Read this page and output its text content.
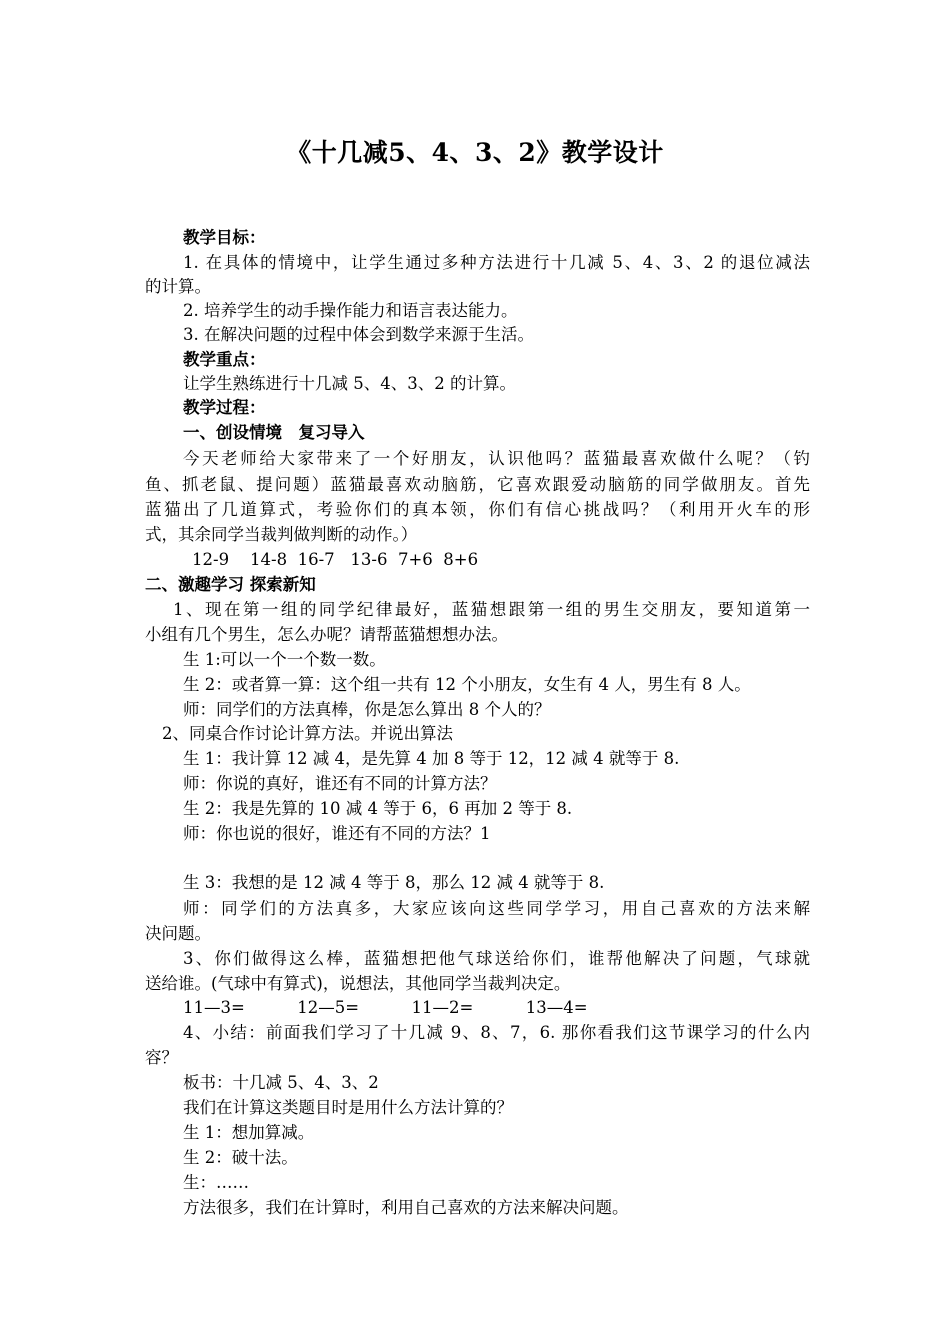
《十几减5、4、3、2》教学设计
教学目标：
1. 在具体的情境中，让学生通过多种方法进行十几减 5、4、3、2 的退位减法
的计算。
2. 培养学生的动手操作能力和语言表达能力。
3. 在解决问题的过程中体会到数学来源于生活。
教学重点：
让学生熟练进行十几减 5、4、3、2 的计算。
教学过程：
一、创设情境　复习导入
今天老师给大家带来了一个好朋友，认识他吗？蓝猫最喜欢做什么呢？（钓
鱼、抓老鼠、提问题）蓝猫最喜欢动脑筋，它喜欢跟爱动脑筋的同学做朋友。首先
蓝猫出了几道算式，考验你们的真本领，你们有信心挑战吗？（利用开火车的形
式，其余同学当裁判做判断的动作。）
12-9    14-8  16-7   13-6  7+6  8+6
二、激趣学习 探索新知
1、现在第一组的同学纪律最好，蓝猫想跟第一组的男生交朋友，要知道第一
小组有几个男生，怎么办呢？请帮蓝猫想想办法。
生 1:可以一个一个数一数。
生 2：或者算一算：这个组一共有 12 个小朋友，女生有 4 人，男生有 8 人。
师：同学们的方法真棒，你是怎么算出 8 个人的？
2、同桌合作讨论计算方法。并说出算法
生 1：我计算 12 减 4，是先算 4 加 8 等于 12，12 减 4 就等于 8.
师：你说的真好，谁还有不同的计算方法？
生 2：我是先算的 10 减 4 等于 6，6 再加 2 等于 8.
师：你也说的很好，谁还有不同的方法？1
生 3：我想的是 12 减 4 等于 8，那么 12 减 4 就等于 8.
师：同学们的方法真多，大家应该向这些同学学习，用自己喜欢的方法来解
决问题。
3、你们做得这么棒，蓝猫想把他气球送给你们，谁帮他解决了问题，气球就
送给谁。(气球中有算式)，说想法，其他同学当裁判决定。
11—3=          12—5=          11—2=          13—4=
4、小结：前面我们学习了十几减 9、8、7，6. 那你看我们这节课学习的什么内
容？
板书：十几减 5、4、3、2
我们在计算这类题目时是用什么方法计算的？
生 1：想加算减。
生 2：破十法。
生：……
方法很多，我们在计算时，利用自己喜欢的方法来解决问题。
